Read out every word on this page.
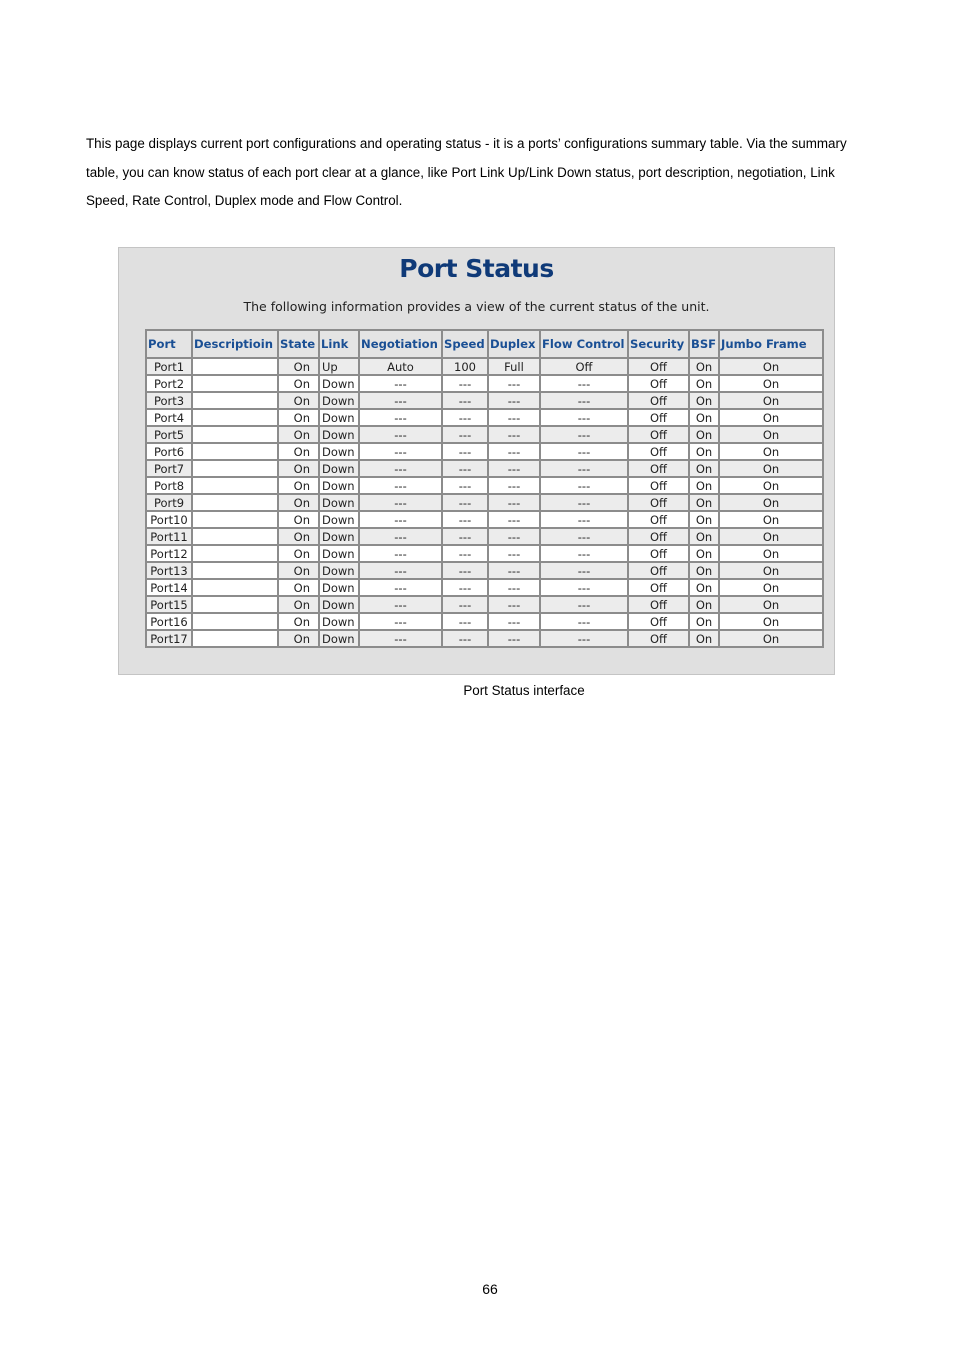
This page displays current port configurations and operating status - it is a ports’ configurations summary table. Via the summary table, you can know status of each port clear at a glance, like Port Link Up/Link Down status, port description, negotiation, Link Speed, Rate Control, Duplex mode and Flow Control.

Port Status

The following information provides a view of the current status of the unit.

Port	Descriptioin	State	Link	Negotiation	Speed	Duplex	Flow Control	Security	BSF	Jumbo Frame
Port1		On	Up	Auto	100	Full	Off	Off	On	On
Port2		On	Down	---	---	---	---	Off	On	On
Port3		On	Down	---	---	---	---	Off	On	On
Port4		On	Down	---	---	---	---	Off	On	On
Port5		On	Down	---	---	---	---	Off	On	On
Port6		On	Down	---	---	---	---	Off	On	On
Port7		On	Down	---	---	---	---	Off	On	On
Port8		On	Down	---	---	---	---	Off	On	On
Port9		On	Down	---	---	---	---	Off	On	On
Port10		On	Down	---	---	---	---	Off	On	On
Port11		On	Down	---	---	---	---	Off	On	On
Port12		On	Down	---	---	---	---	Off	On	On
Port13		On	Down	---	---	---	---	Off	On	On
Port14		On	Down	---	---	---	---	Off	On	On
Port15		On	Down	---	---	---	---	Off	On	On
Port16		On	Down	---	---	---	---	Off	On	On
Port17		On	Down	---	---	---	---	Off	On	On

Port Status interface

66
